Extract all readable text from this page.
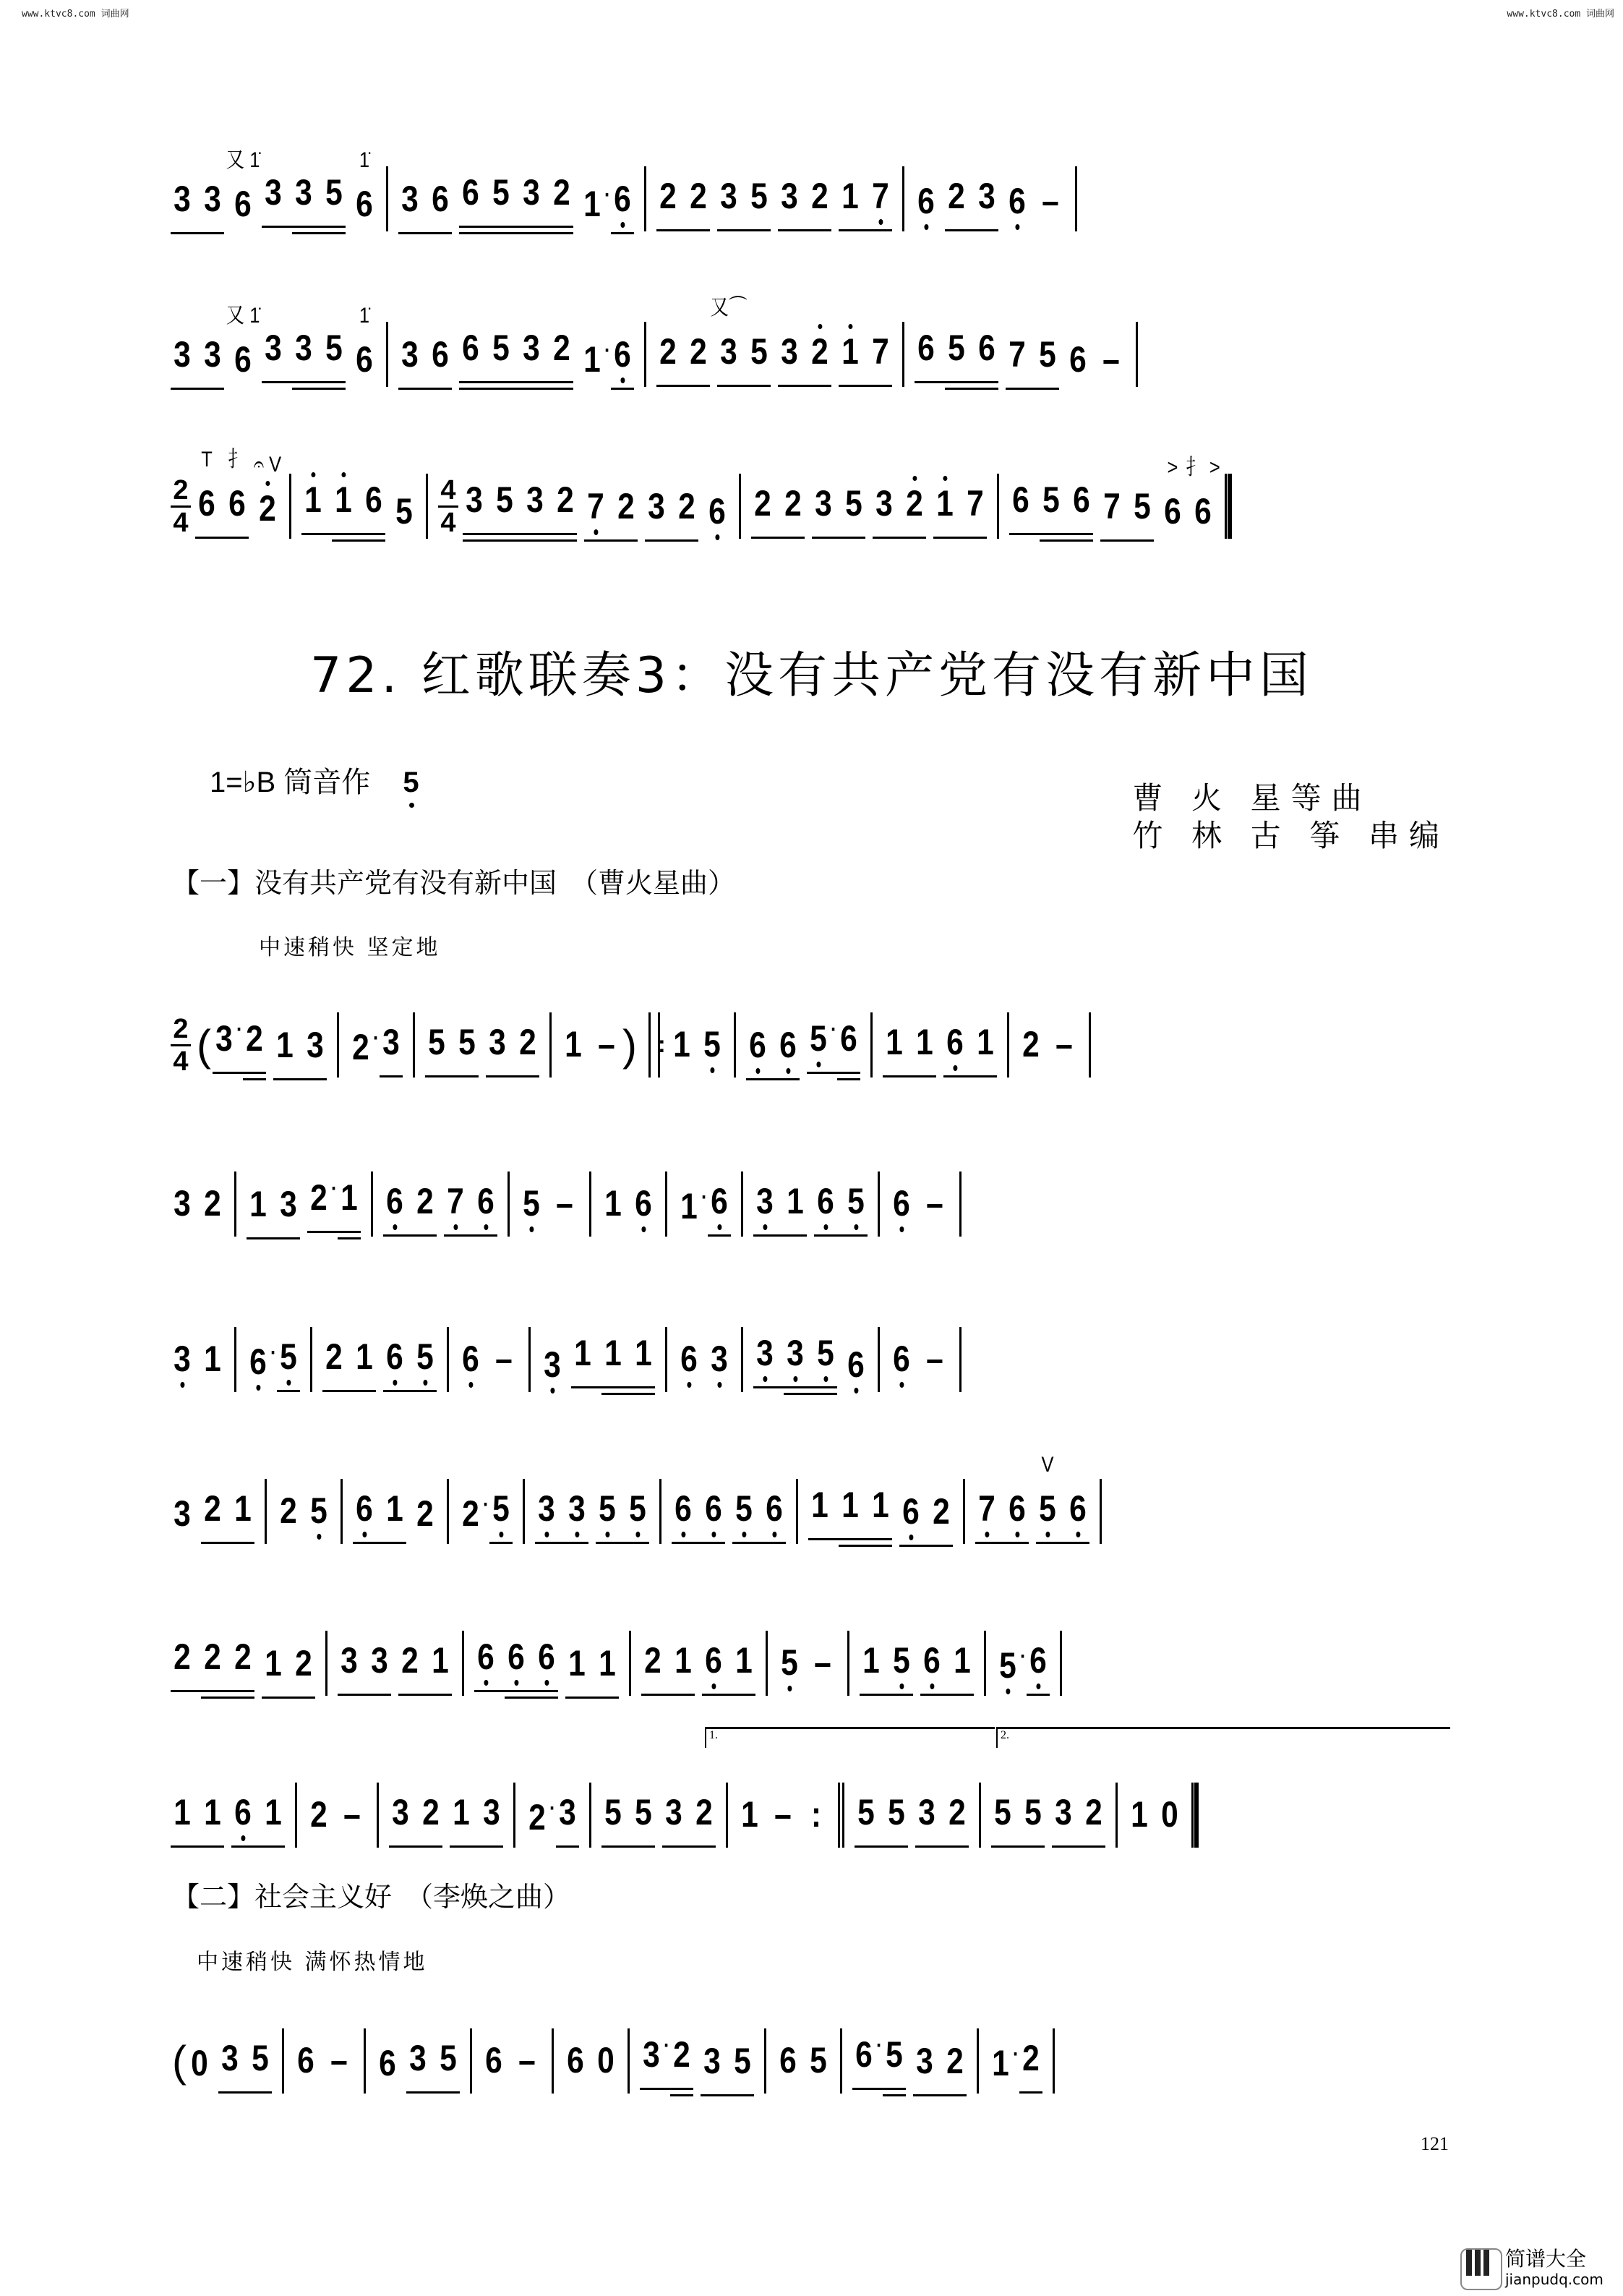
www.ktvc8.com 词曲网	www.ktvc8.com 词曲网
3 3 6
又 1̇
3 3 5 6
1̇
3 6 6 5 3 2 1 · 6 2 2 3 5 3 2 1 7 6 2 3 6 –
3 3 6
又 1̇
3 3 5 6
1̇
3 6 6 5 3 2 1 · 6 2 2 3
又⌒
5 3 2 1 7 6 5 6 7 5 6 –
2
4 6
T
6
扌
2
𝄐 V
1 1 6 5
4
4
3 5 3 2 7 2 3 2 6 2 2 3 5 3 2 1 7 6 5 6 7 5 6
>
6
扌 >
72. 红歌联奏3：没有共产党有没有新中国
1=♭B 筒音作 5	曹 火 星等曲
竹 林 古 筝 串编
【一】没有共产党有没有新中国　（曹火星曲）
中速稍快 坚定地
2
4 ( 3 · 2 1 3 2 · 3 5 5 3 2 1 – ) : 1 5 6 6 5 · 6 1 1 6 1 2 –
3 2 1 3 2 · 1 6 2 7 6 5 – 1 6 1 · 6 3 1 6 5 6 –
3 1 6 · 5 2 1 6 5 6 – 3 1 1 1 6 3 3 3 5 6 6 –
3 2 1 2 5 6 1 2 2 · 5 3 3 5 5 6 6 5 6 1 1 1 6 2 7 6 5
V
6
2 2 2 1 2 3 3 2 1 6 6 6 1 1 2 1 6 1 5 – 1 5 6 1 5 · 6
1 1 6 1 2 – 3 2 1 3 2 · 3 5 5 3 2 1 – : 5 5 3 2 5 5 3 2 1 0
1.	2.
【二】社会主义好　（李焕之曲）
中速稍快 满怀热情地
( 0 3 5 6 – 6 3 5 6 – 6 0 3 · 2 3 5 6 5 6 · 5 3 2 1 · 2
121
简谱大全
jianpudq.com
